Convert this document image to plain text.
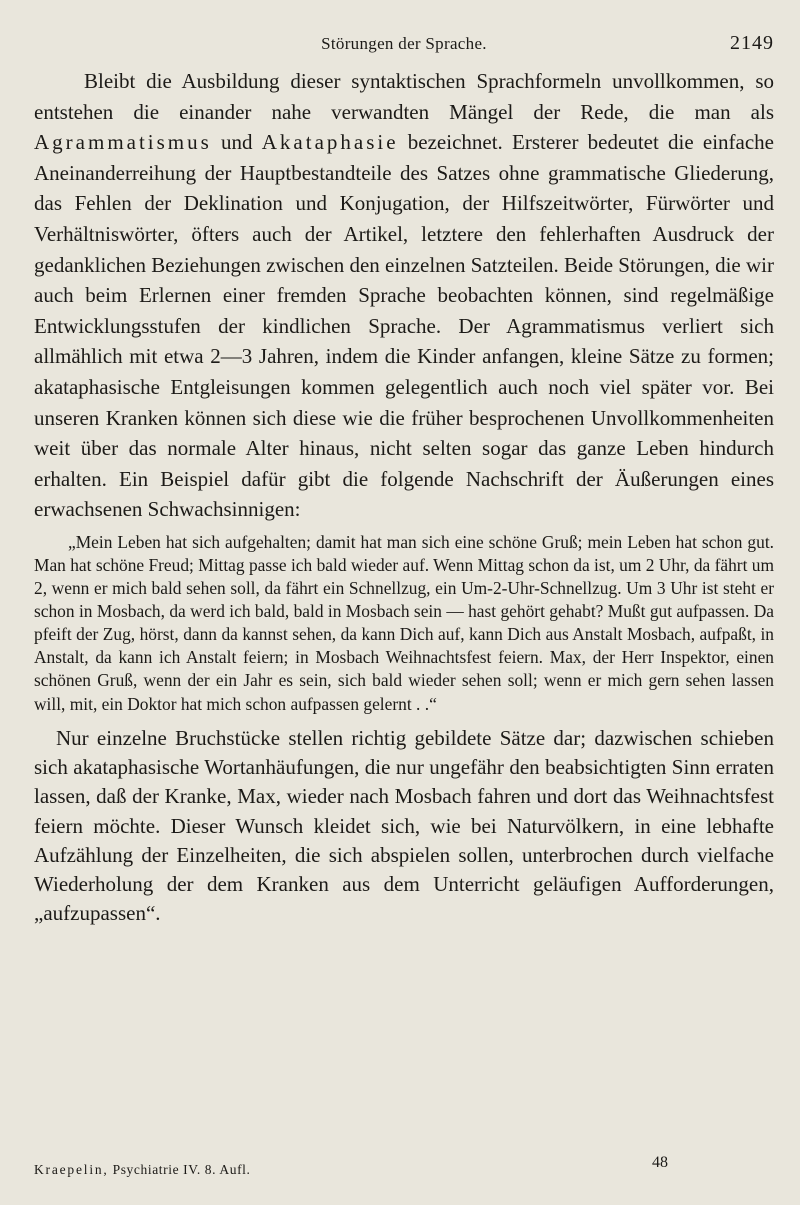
Störungen der Sprache.	2149

Bleibt die Ausbildung dieser syntaktischen Sprachformeln unvollkommen, so entstehen die einander nahe verwandten Mängel der Rede, die man als Agrammatismus und Akataphasie bezeichnet. Ersterer bedeutet die einfache Aneinanderreihung der Hauptbestandteile des Satzes ohne grammatische Gliederung, das Fehlen der Deklination und Konjugation, der Hilfszeitwörter, Fürwörter und Verhältniswörter, öfters auch der Artikel, letztere den fehlerhaften Ausdruck der gedanklichen Beziehungen zwischen den einzelnen Satzteilen. Beide Störungen, die wir auch beim Erlernen einer fremden Sprache beobachten können, sind regelmäßige Entwicklungsstufen der kindlichen Sprache. Der Agrammatismus verliert sich allmählich mit etwa 2—3 Jahren, indem die Kinder anfangen, kleine Sätze zu formen; akataphasische Entgleisungen kommen gelegentlich auch noch viel später vor. Bei unseren Kranken können sich diese wie die früher besprochenen Unvollkommenheiten weit über das normale Alter hinaus, nicht selten sogar das ganze Leben hindurch erhalten. Ein Beispiel dafür gibt die folgende Nachschrift der Äußerungen eines erwachsenen Schwachsinnigen:

„Mein Leben hat sich aufgehalten; damit hat man sich eine schöne Gruß; mein Leben hat schon gut. Man hat schöne Freud; Mittag passe ich bald wieder auf. Wenn Mittag schon da ist, um 2 Uhr, da fährt um 2, wenn er mich bald sehen soll, da fährt ein Schnellzug, ein Um-2-Uhr-Schnellzug. Um 3 Uhr ist steht er schon in Mosbach, da werd ich bald, bald in Mosbach sein — hast gehört gehabt? Mußt gut aufpassen. Da pfeift der Zug, hörst, dann da kannst sehen, da kann Dich auf, kann Dich aus Anstalt Mosbach, aufpaßt, in Anstalt, da kann ich Anstalt feiern; in Mosbach Weihnachtsfest feiern. Max, der Herr Inspektor, einen schönen Gruß, wenn der ein Jahr es sein, sich bald wieder sehen soll; wenn er mich gern sehen lassen will, mit, ein Doktor hat mich schon aufpassen gelernt . .“

Nur einzelne Bruchstücke stellen richtig gebildete Sätze dar; dazwischen schieben sich akataphasische Wortanhäufungen, die nur ungefähr den beabsichtigten Sinn erraten lassen, daß der Kranke, Max, wieder nach Mosbach fahren und dort das Weihnachtsfest feiern möchte. Dieser Wunsch kleidet sich, wie bei Naturvölkern, in eine lebhafte Aufzählung der Einzelheiten, die sich abspielen sollen, unterbrochen durch vielfache Wiederholung der dem Kranken aus dem Unterricht geläufigen Aufforderungen, „aufzupassen“.

Kraepelin, Psychiatrie IV. 8. Aufl.	48
